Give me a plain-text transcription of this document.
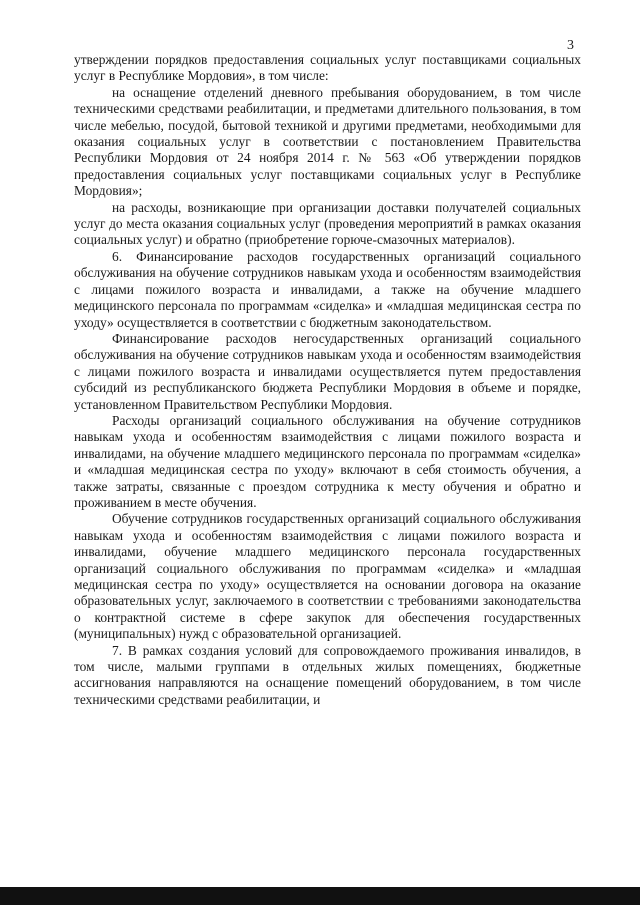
3

утверждении порядков предоставления социальных услуг поставщиками социальных услуг в Республике Мордовия», в том числе:

на оснащение отделений дневного пребывания оборудованием, в том числе техническими средствами реабилитации, и предметами длительного пользования, в том числе мебелью, посудой, бытовой техникой и другими предметами, необходимыми для оказания социальных услуг в соответствии с постановлением Правительства Республики Мордовия от 24 ноября 2014 г. № 563 «Об утверждении порядков предоставления социальных услуг поставщиками социальных услуг в Республике Мордовия»;

на расходы, возникающие при организации доставки получателей социальных услуг до места оказания социальных услуг (проведения мероприятий в рамках оказания социальных услуг) и обратно (приобретение горюче-смазочных материалов).

6. Финансирование расходов государственных организаций социального обслуживания на обучение сотрудников навыкам ухода и особенностям взаимодействия с лицами пожилого возраста и инвалидами, а также на обучение младшего медицинского персонала по программам «сиделка» и «младшая медицинская сестра по уходу» осуществляется в соответствии с бюджетным законодательством.

Финансирование расходов негосударственных организаций социального обслуживания на обучение сотрудников навыкам ухода и особенностям взаимодействия с лицами пожилого возраста и инвалидами осуществляется путем предоставления субсидий из республиканского бюджета Республики Мордовия в объеме и порядке, установленном Правительством Республики Мордовия.

Расходы организаций социального обслуживания на обучение сотрудников навыкам ухода и особенностям взаимодействия с лицами пожилого возраста и инвалидами, на обучение младшего медицинского персонала по программам «сиделка» и «младшая медицинская сестра по уходу» включают в себя стоимость обучения, а также затраты, связанные с проездом сотрудника к месту обучения и обратно и проживанием в месте обучения.

Обучение сотрудников государственных организаций социального обслуживания навыкам ухода и особенностям взаимодействия с лицами пожилого возраста и инвалидами, обучение младшего медицинского персонала государственных организаций социального обслуживания по программам «сиделка» и «младшая медицинская сестра по уходу» осуществляется на основании договора на оказание образовательных услуг, заключаемого в соответствии с требованиями законодательства о контрактной системе в сфере закупок для обеспечения государственных (муниципальных) нужд с образовательной организацией.

7. В рамках создания условий для сопровождаемого проживания инвалидов, в том числе, малыми группами в отдельных жилых помещениях, бюджетные ассигнования направляются на оснащение помещений оборудованием, в том числе техническими средствами реабилитации, и
